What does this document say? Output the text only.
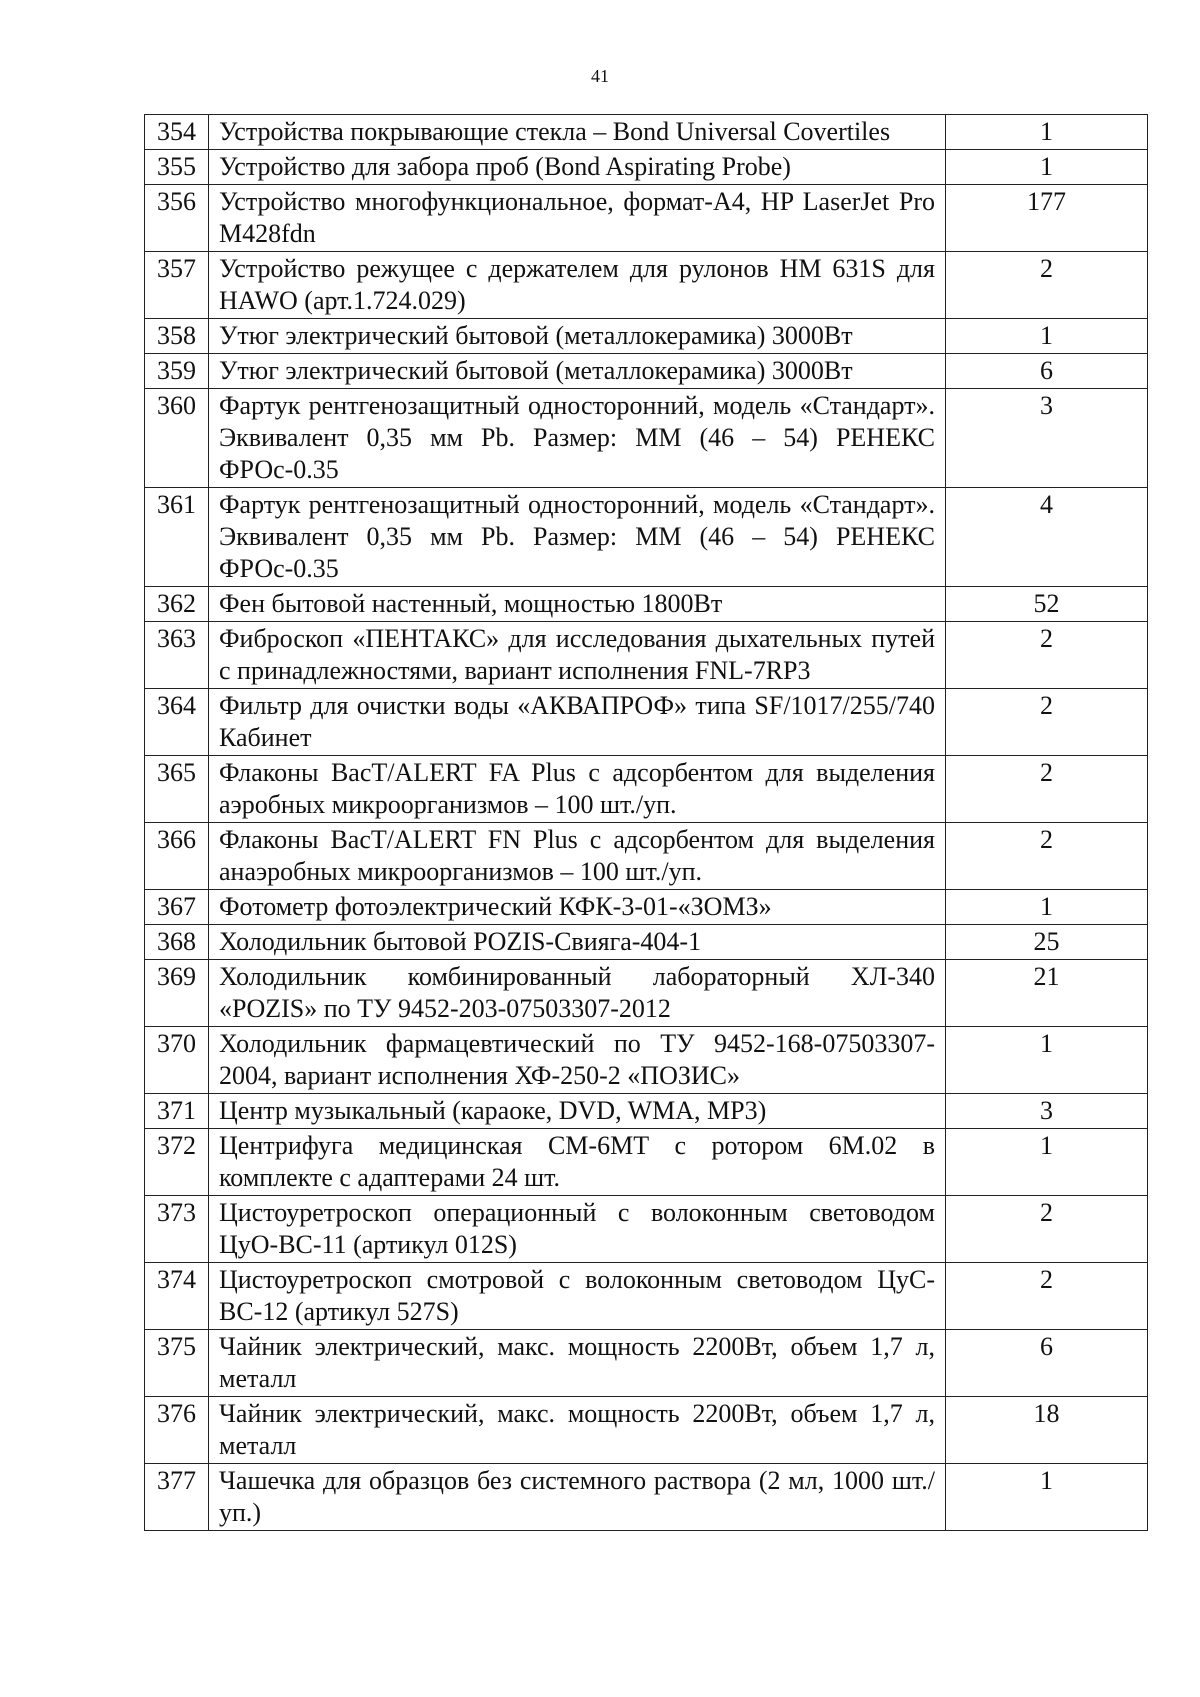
41
354	Устройства покрывающие стекла – Bond Universal Covertiles	1
355	Устройство для забора проб (Bond Aspirating Probe)	1
356	Устройство многофункциональное, формат-А4, HP LaserJet Pro M428fdn	177
357	Устройство режущее с держателем для рулонов HM 631S для HAWO (арт.1.724.029)	2
358	Утюг электрический бытовой (металлокерамика) 3000Вт	1
359	Утюг электрический бытовой (металлокерамика) 3000Вт	6
360	Фартук рентгенозащитный односторонний, модель «Стандарт». Эквивалент 0,35 мм Pb. Размер: ММ (46 – 54) РЕНЕКС ФРОс-0.35	3
361	Фартук рентгенозащитный односторонний, модель «Стандарт». Эквивалент 0,35 мм Pb. Размер: ММ (46 – 54) РЕНЕКС ФРОс-0.35	4
362	Фен бытовой настенный, мощностью 1800Вт	52
363	Фиброскоп «ПЕНТАКС» для исследования дыхательных путей с принадлежностями, вариант исполнения FNL-7RP3	2
364	Фильтр для очистки воды «АКВАПРОФ» типа SF/1017/255/740 Кабинет	2
365	Флаконы BacT/ALERT FA Plus с адсорбентом для выделения аэробных микроорганизмов – 100 шт./уп.	2
366	Флаконы BacT/ALERT FN Plus с адсорбентом для выделения анаэробных микроорганизмов – 100 шт./уп.	2
367	Фотометр фотоэлектрический КФК-3-01-«ЗОМЗ»	1
368	Холодильник бытовой POZIS-Свияга-404-1	25
369	Холодильник комбинированный лабораторный ХЛ-340 «POZIS» по ТУ 9452-203-07503307-2012	21
370	Холодильник фармацевтический по ТУ 9452-168-07503307-2004, вариант исполнения ХФ-250-2 «ПОЗИС»	1
371	Центр музыкальный (караоке, DVD, WMA, MP3)	3
372	Центрифуга медицинская СМ-6МТ с ротором 6М.02 в комплекте с адаптерами 24 шт.	1
373	Цистоуретроскоп операционный с волоконным световодом ЦуО-ВС-11 (артикул 012S)	2
374	Цистоуретроскоп смотровой с волоконным световодом ЦуС-ВС-12 (артикул 527S)	2
375	Чайник электрический, макс. мощность 2200Вт, объем 1,7 л, металл	6
376	Чайник электрический, макс. мощность 2200Вт, объем 1,7 л, металл	18
377	Чашечка для образцов без системного раствора (2 мл, 1000 шт./уп.)	1
